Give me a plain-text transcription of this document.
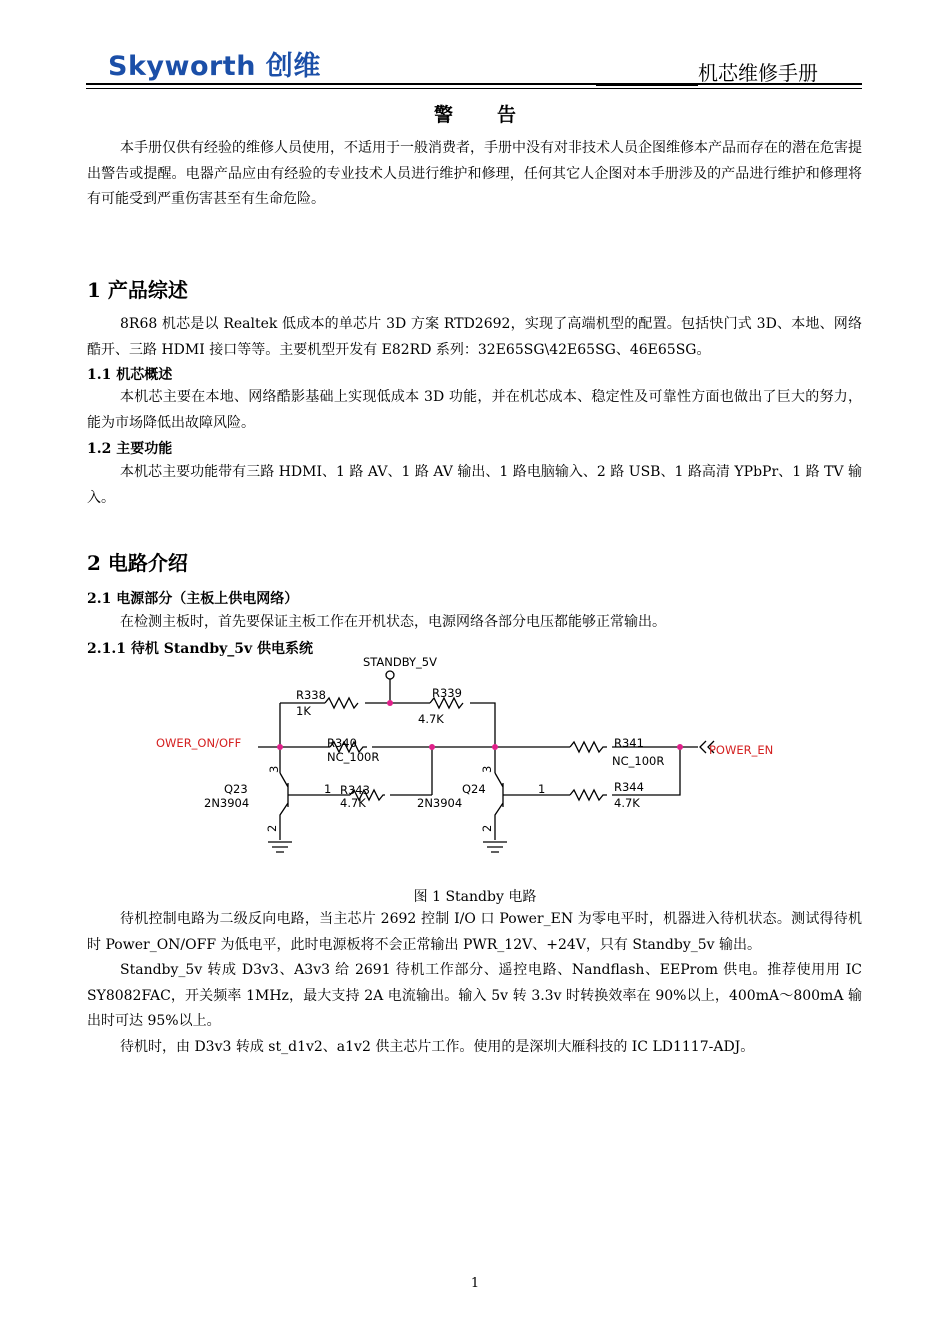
Skyworth 创维	机芯维修手册
警告

本手册仅供有经验的维修人员使用，不适用于一般消费者，手册中没有对非技术人员企图维修本产品而存在的潜在危害提出警告或提醒。电器产品应由有经验的专业技术人员进行维护和修理，任何其它人企图对本手册涉及的产品进行维护和修理将有可能受到严重伤害甚至有生命危险。

1 产品综述

8R68 机芯是以 Realtek 低成本的单芯片 3D 方案 RTD2692，实现了高端机型的配置。包括快门式 3D、本地、网络酷开、三路 HDMI 接口等等。主要机型开发有 E82RD 系列：32E65SG\42E65SG、46E65SG。

1.1 机芯概述

本机芯主要在本地、网络酷影基础上实现低成本 3D 功能，并在机芯成本、稳定性及可靠性方面也做出了巨大的努力，能为市场降低出故障风险。

1.2 主要功能

本机芯主要功能带有三路 HDMI、1 路 AV、1 路 AV 输出、1 路电脑输入、2 路 USB、1 路高清 YPbPr、1 路 TV 输入。

2 电路介绍
2.1 电源部分（主板上供电网络）

在检测主板时，首先要保证主板工作在开机状态，电源网络各部分电压都能够正常输出。

2.1.1 待机 Standby_5v 供电系统
STANDBY_5V
R338
1K
R339
4.7K
OWER_ON/OFF	R340
NC_100R
R341
NC_100R
POWER_EN
Q23
2N3904
3
1
2
R343
4.7K	2N3904
Q24
3
1
2
R344
4.7K
图 1 Standby 电路

待机控制电路为二级反向电路，当主芯片 2692 控制 I/O 口 Power_EN 为零电平时，机器进入待机状态。测试得待机时 Power_ON/OFF 为低电平，此时电源板将不会正常输出 PWR_12V、+24V，只有 Standby_5v 输出。

Standby_5v 转成 D3v3、A3v3 给 2691 待机工作部分、遥控电路、Nandflash、EEProm 供电。推荐使用用 IC SY8082FAC，开关频率 1MHz，最大支持 2A 电流输出。输入 5v 转 3.3v 时转换效率在 90%以上，400mA～800mA 输出时可达 95%以上。

待机时，由 D3v3 转成 st_d1v2、a1v2 供主芯片工作。使用的是深圳大雁科技的 IC LD1117-ADJ。

1
